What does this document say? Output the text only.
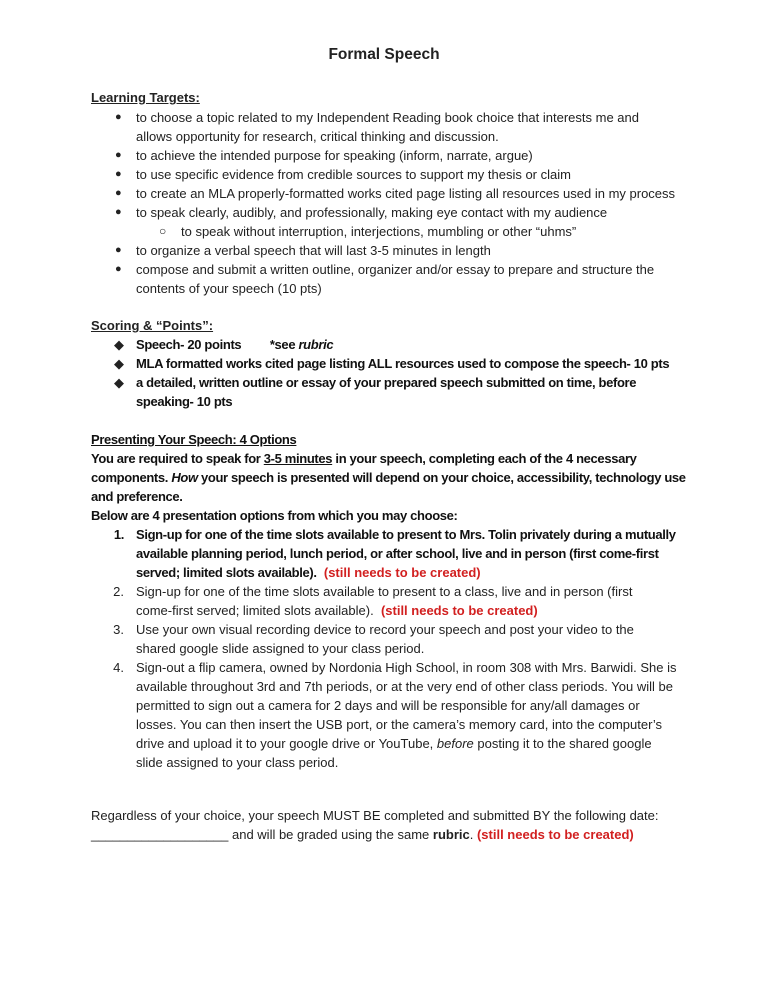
Formal Speech
Learning Targets:
● to choose a topic related to my Independent Reading book choice that interests me and
allows opportunity for research, critical thinking and discussion.
● to achieve the intended purpose for speaking (inform, narrate, argue)
● to use specific evidence from credible sources to support my thesis or claim
● to create an MLA properly-formatted works cited page listing all resources used in my process
● to speak clearly, audibly, and professionally, making eye contact with my audience
○ to speak without interruption, interjections, mumbling or other “uhms”
● to organize a verbal speech that will last 3-5 minutes in length
● compose and submit a written outline, organizer and/or essay to prepare and structure the
contents of your speech (10 pts)
Scoring & “Points”:
◆ Speech- 20 points *see rubric
◆ MLA formatted works cited page listing ALL resources used to compose the speech- 10 pts
◆ a detailed, written outline or essay of your prepared speech submitted on time, before
speaking- 10 pts
Presenting Your Speech: 4 Options
You are required to speak for 3-5 minutes in your speech, completing each of the 4 necessary
components. How your speech is presented will depend on your choice, accessibility, technology use
and preference.
Below are 4 presentation options from which you may choose:
1. Sign-up for one of the time slots available to present to Mrs. Tolin privately during a mutually
available planning period, lunch period, or after school, live and in person (first come-first
served; limited slots available). (still needs to be created)
2. Sign-up for one of the time slots available to present to a class, live and in person (first
come-first served; limited slots available). (still needs to be created)
3. Use your own visual recording device to record your speech and post your video to the
shared google slide assigned to your class period.
4. Sign-out a flip camera, owned by Nordonia High School, in room 308 with Mrs. Barwidi. She is
available throughout 3rd and 7th periods, or at the very end of other class periods. You will be
permitted to sign out a camera for 2 days and will be responsible for any/all damages or
losses. You can then insert the USB port, or the camera’s memory card, into the computer’s
drive and upload it to your google drive or YouTube, before posting it to the shared google
slide assigned to your class period.
Regardless of your choice, your speech MUST BE completed and submitted BY the following date:
___________________ and will be graded using the same rubric. (still needs to be created)
